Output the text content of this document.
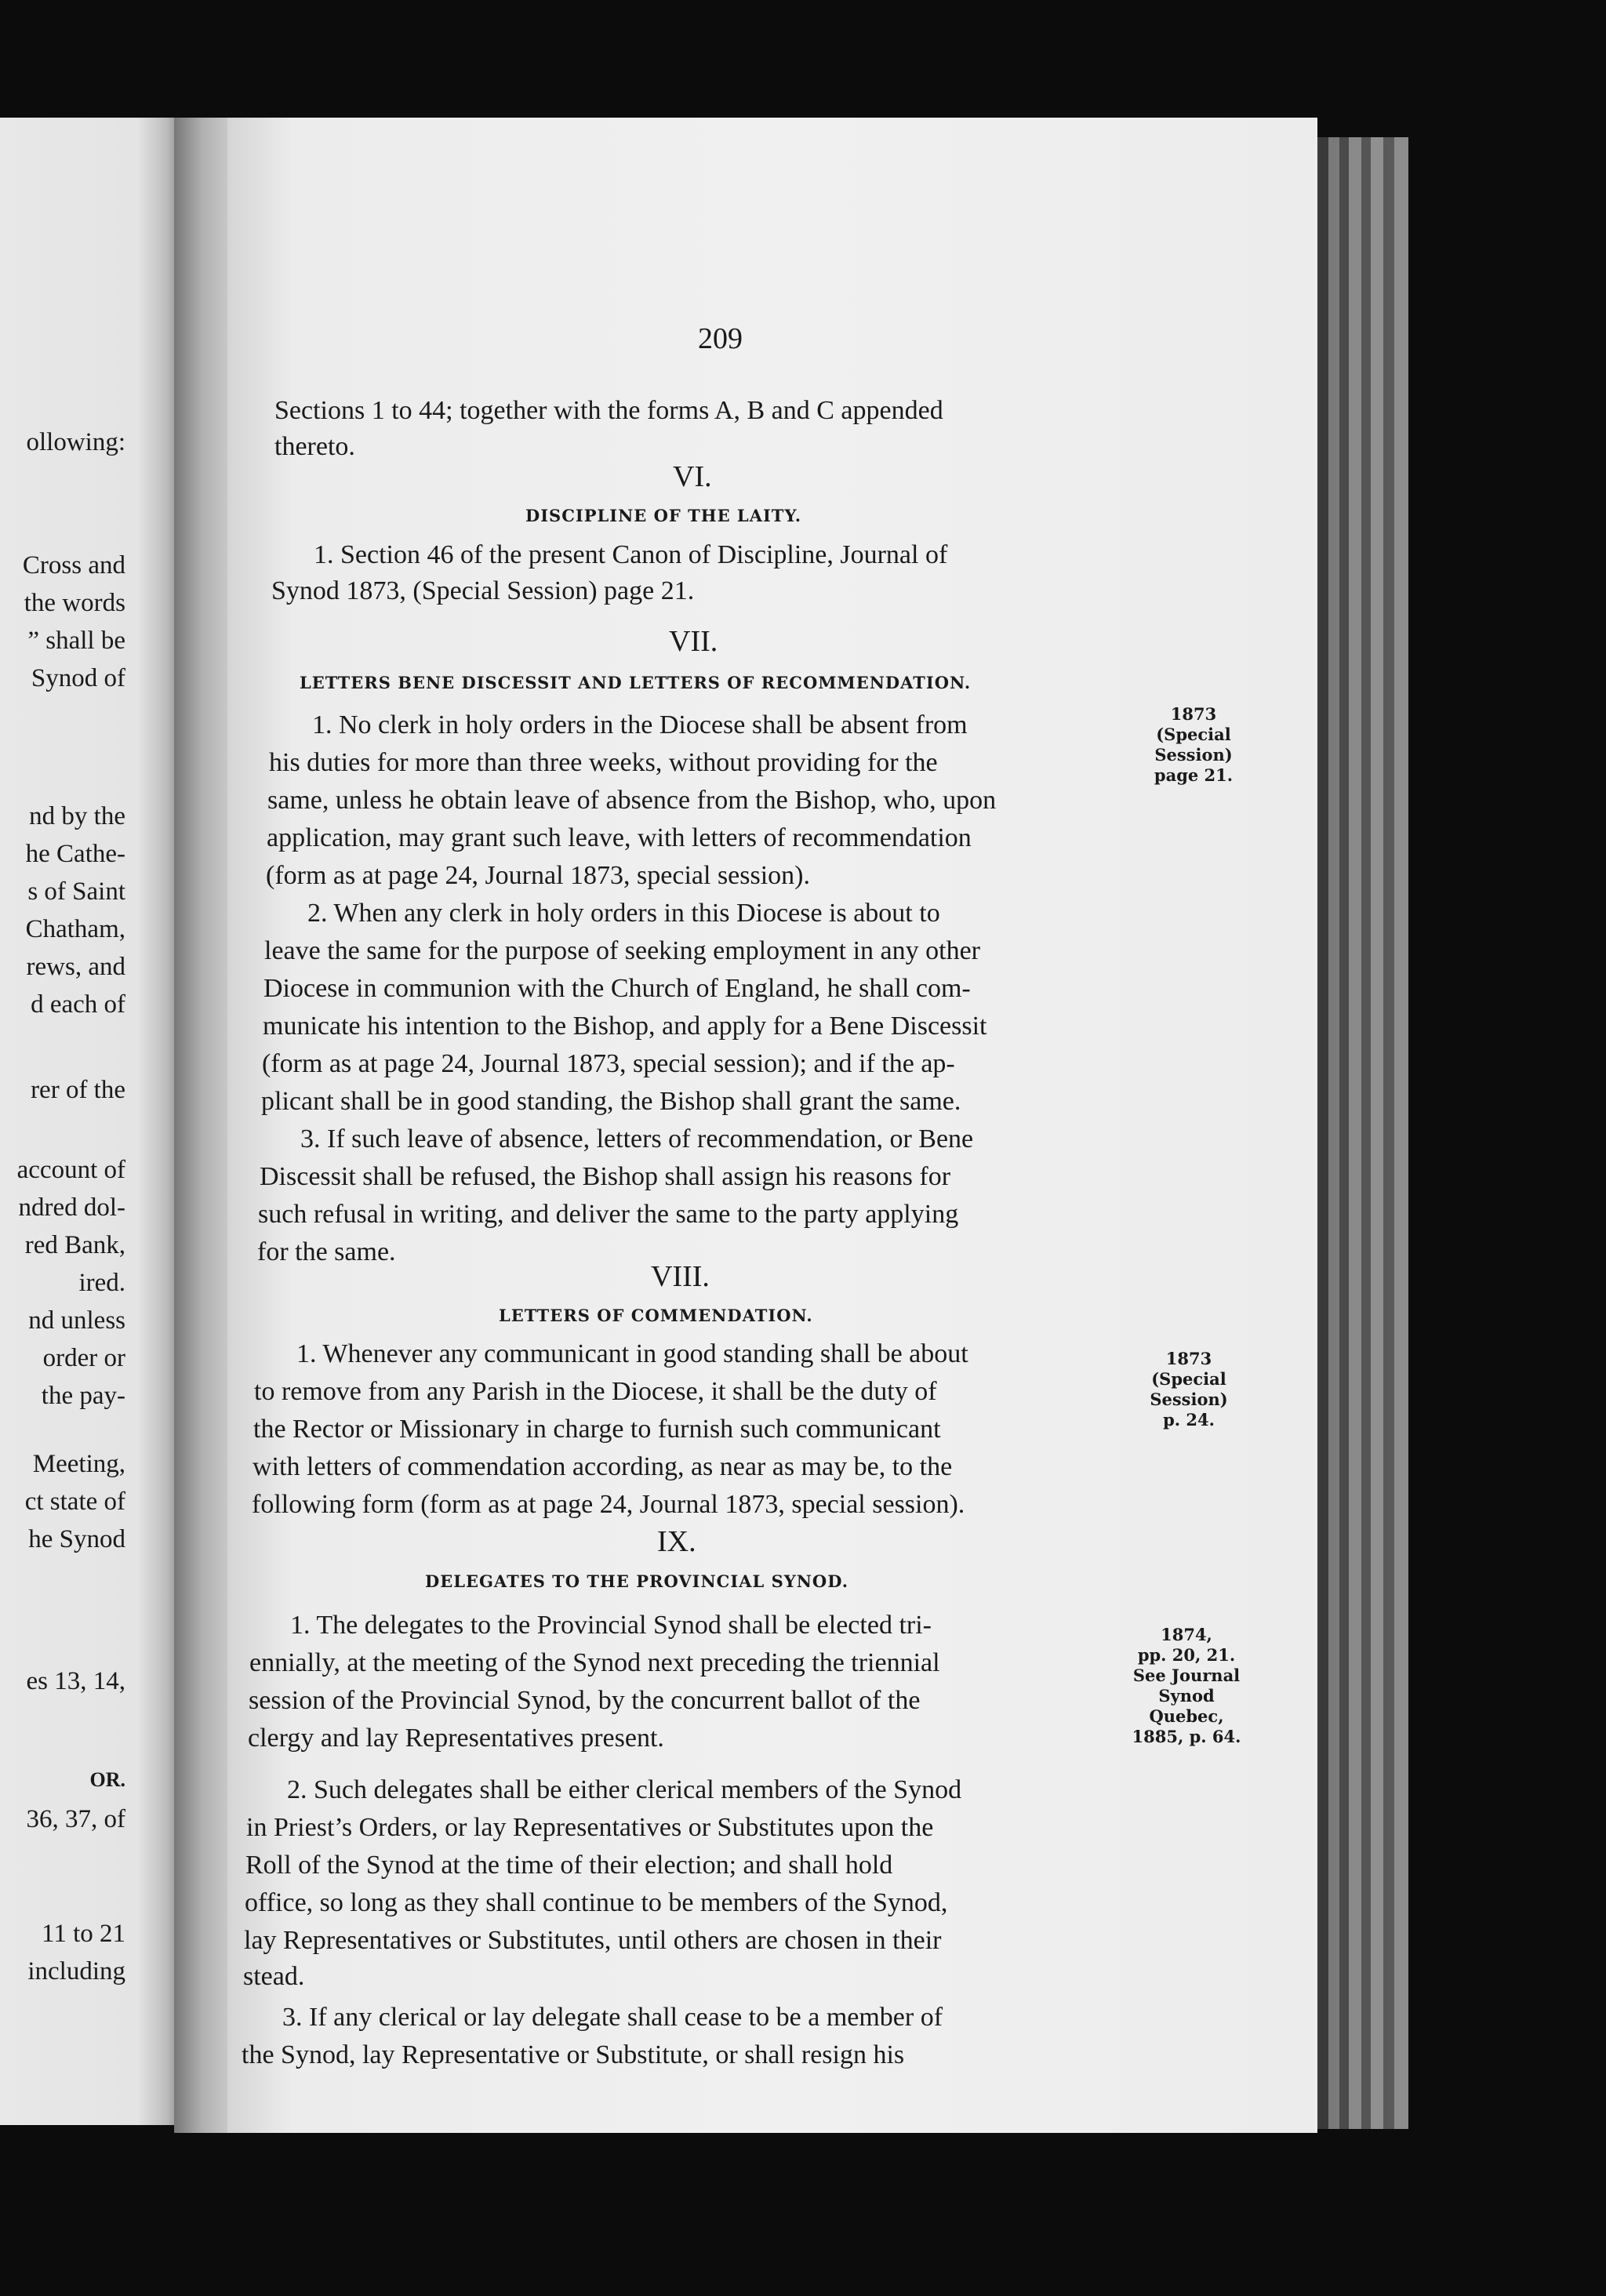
ollowing:
Cross and
the words
” shall be
Synod of
nd by the
he Cathe-
s of Saint
Chatham,
rews, and
d each of
rer of the
account of
ndred dol-
red Bank,
ired.
nd unless
order or
the pay-
Meeting,
ct state of
he Synod
es 13, 14,
OR.
36, 37, of
11 to 21
including
209
Sections 1 to 44; together with the forms A, B and C appended
thereto.
VI.
DISCIPLINE OF THE LAITY.
1. Section 46 of the present Canon of Discipline, Journal of
Synod 1873, (Special Session) page 21.
VII.
LETTERS BENE DISCESSIT AND LETTERS OF RECOMMENDATION.
1. No clerk in holy orders in the Diocese shall be absent from
his duties for more than three weeks, without providing for the
same, unless he obtain leave of absence from the Bishop, who, upon
application, may grant such leave, with letters of recommendation
(form as at page 24, Journal 1873, special session).
2. When any clerk in holy orders in this Diocese is about to
leave the same for the purpose of seeking employment in any other
Diocese in communion with the Church of England, he shall com-
municate his intention to the Bishop, and apply for a Bene Discessit
(form as at page 24, Journal 1873, special session); and if the ap-
plicant shall be in good standing, the Bishop shall grant the same.
3. If such leave of absence, letters of recommendation, or Bene
Discessit shall be refused, the Bishop shall assign his reasons for
such refusal in writing, and deliver the same to the party applying
for the same.
VIII.
LETTERS OF COMMENDATION.
1. Whenever any communicant in good standing shall be about
to remove from any Parish in the Diocese, it shall be the duty of
the Rector or Missionary in charge to furnish such communicant
with letters of commendation according, as near as may be, to the
following form (form as at page 24, Journal 1873, special session).
IX.
DELEGATES TO THE PROVINCIAL SYNOD.
1. The delegates to the Provincial Synod shall be elected tri-
ennially, at the meeting of the Synod next preceding the triennial
session of the Provincial Synod, by the concurrent ballot of the
clergy and lay Representatives present.
2. Such delegates shall be either clerical members of the Synod
in Priest’s Orders, or lay Representatives or Substitutes upon the
Roll of the Synod at the time of their election; and shall hold
office, so long as they shall continue to be members of the Synod,
lay Representatives or Substitutes, until others are chosen in their
stead.
3. If any clerical or lay delegate shall cease to be a member of
the Synod, lay Representative or Substitute, or shall resign his
1873
(Special
Session)
page 21.
1873
(Special
Session)
p. 24.
1874,
pp. 20, 21.
See Journal
Synod
Quebec,
1885, p. 64.
